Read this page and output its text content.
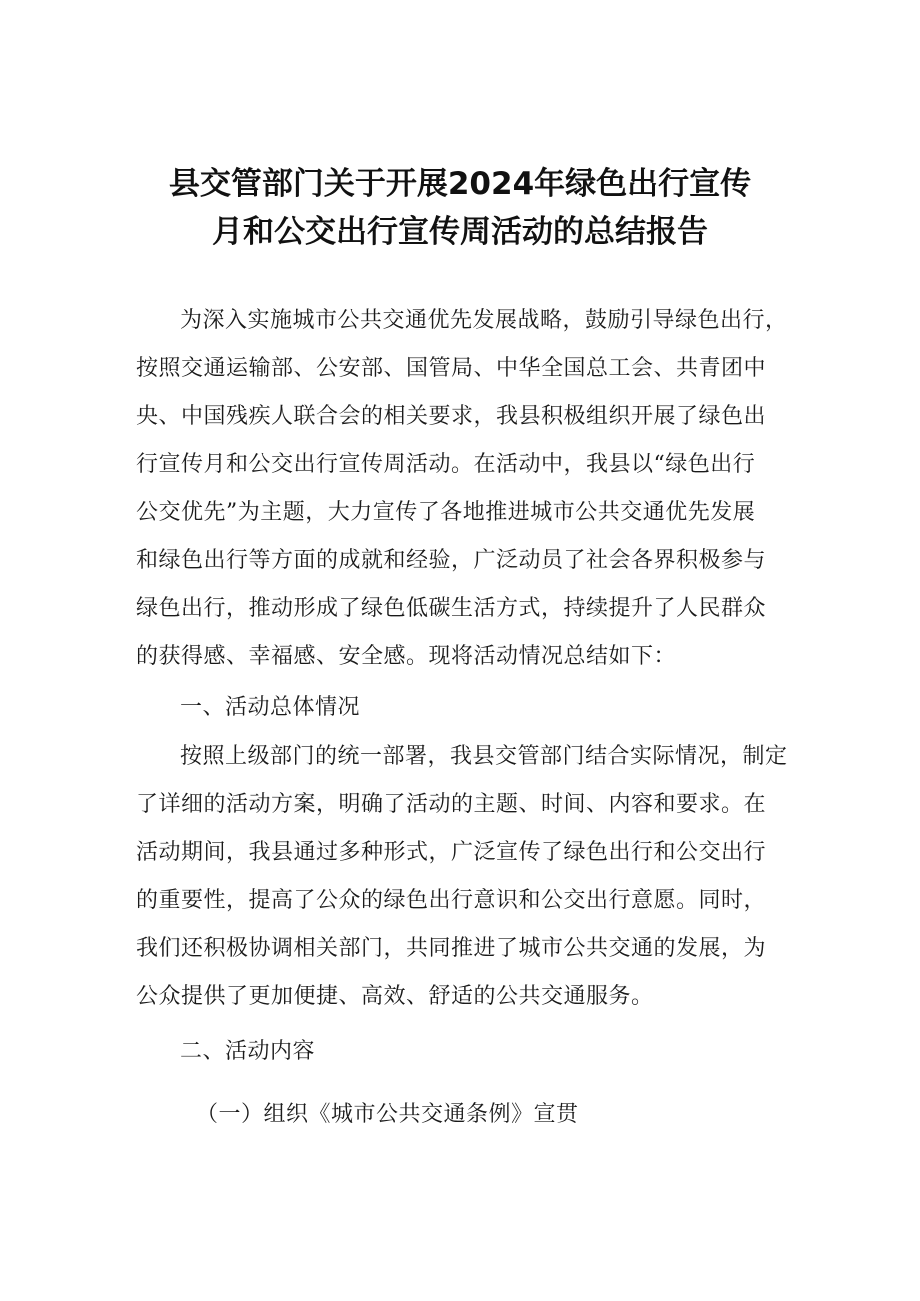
县交管部门关于开展2024年绿色出行宣传
月和公交出行宣传周活动的总结报告

为深入实施城市公共交通优先发展战略，鼓励引导绿色出行，

按照交通运输部、公安部、国管局、中华全国总工会、共青团中

央、中国残疾人联合会的相关要求，我县积极组织开展了绿色出

行宣传月和公交出行宣传周活动。在活动中，我县以“绿色出行

公交优先”为主题，大力宣传了各地推进城市公共交通优先发展

和绿色出行等方面的成就和经验，广泛动员了社会各界积极参与

绿色出行，推动形成了绿色低碳生活方式，持续提升了人民群众

的获得感、幸福感、安全感。现将活动情况总结如下：

一、活动总体情况

按照上级部门的统一部署，我县交管部门结合实际情况，制定

了详细的活动方案，明确了活动的主题、时间、内容和要求。在

活动期间，我县通过多种形式，广泛宣传了绿色出行和公交出行

的重要性，提高了公众的绿色出行意识和公交出行意愿。同时，

我们还积极协调相关部门，共同推进了城市公共交通的发展，为

公众提供了更加便捷、高效、舒适的公共交通服务。

二、活动内容

（一）组织《城市公共交通条例》宣贯
